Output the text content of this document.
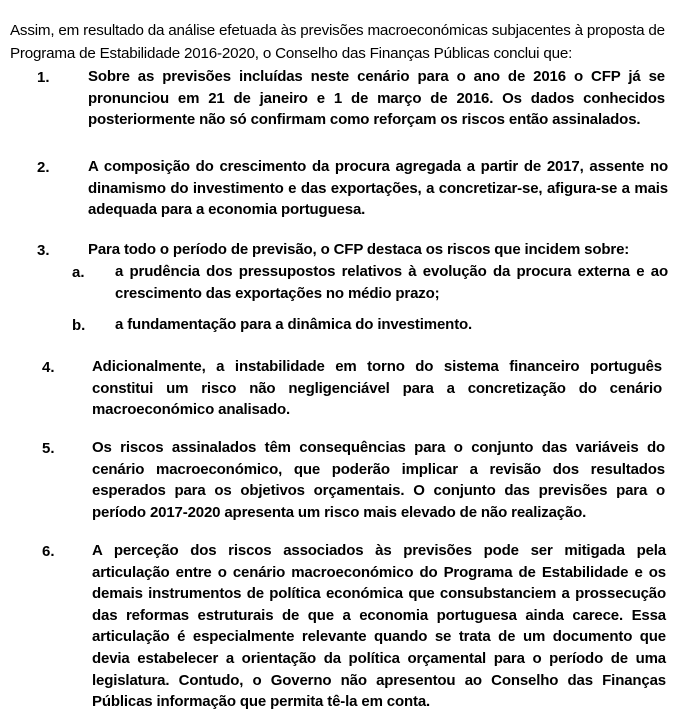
Assim, em resultado da análise efetuada às previsões macroeconómicas subjacentes à proposta de Programa de Estabilidade 2016-2020, o Conselho das Finanças Públicas conclui que:

1.	Sobre as previsões incluídas neste cenário para o ano de 2016 o CFP já se pronunciou em 21 de janeiro e 1 de março de 2016. Os dados conhecidos posteriormente não só confirmam como reforçam os riscos então assinalados.

2.	A composição do crescimento da procura agregada a partir de 2017, assente no dinamismo do investimento e das exportações, a concretizar-se, afigura-se a mais adequada para a economia portuguesa.

3.	Para todo o período de previsão, o CFP destaca os riscos que incidem sobre:

a. a prudência dos pressupostos relativos à evolução da procura externa e ao crescimento das exportações no médio prazo;

b. a fundamentação para a dinâmica do investimento.

4. Adicionalmente, a instabilidade em torno do sistema financeiro português constitui um risco não negligenciável para a concretização do cenário macroeconómico analisado.

5. Os riscos assinalados têm consequências para o conjunto das variáveis do cenário macroeconómico, que poderão implicar a revisão dos resultados esperados para os objetivos orçamentais. O conjunto das previsões para o período 2017-2020 apresenta um risco mais elevado de não realização.

6. A perceção dos riscos associados às previsões pode ser mitigada pela articulação entre o cenário macroeconómico do Programa de Estabilidade e os demais instrumentos de política económica que consubstanciem a prossecução das reformas estruturais de que a economia portuguesa ainda carece. Essa articulação é especialmente relevante quando se trata de um documento que devia estabelecer a orientação da política orçamental para o período de uma legislatura. Contudo, o Governo não apresentou ao Conselho das Finanças Públicas informação que permita tê-la em conta.
